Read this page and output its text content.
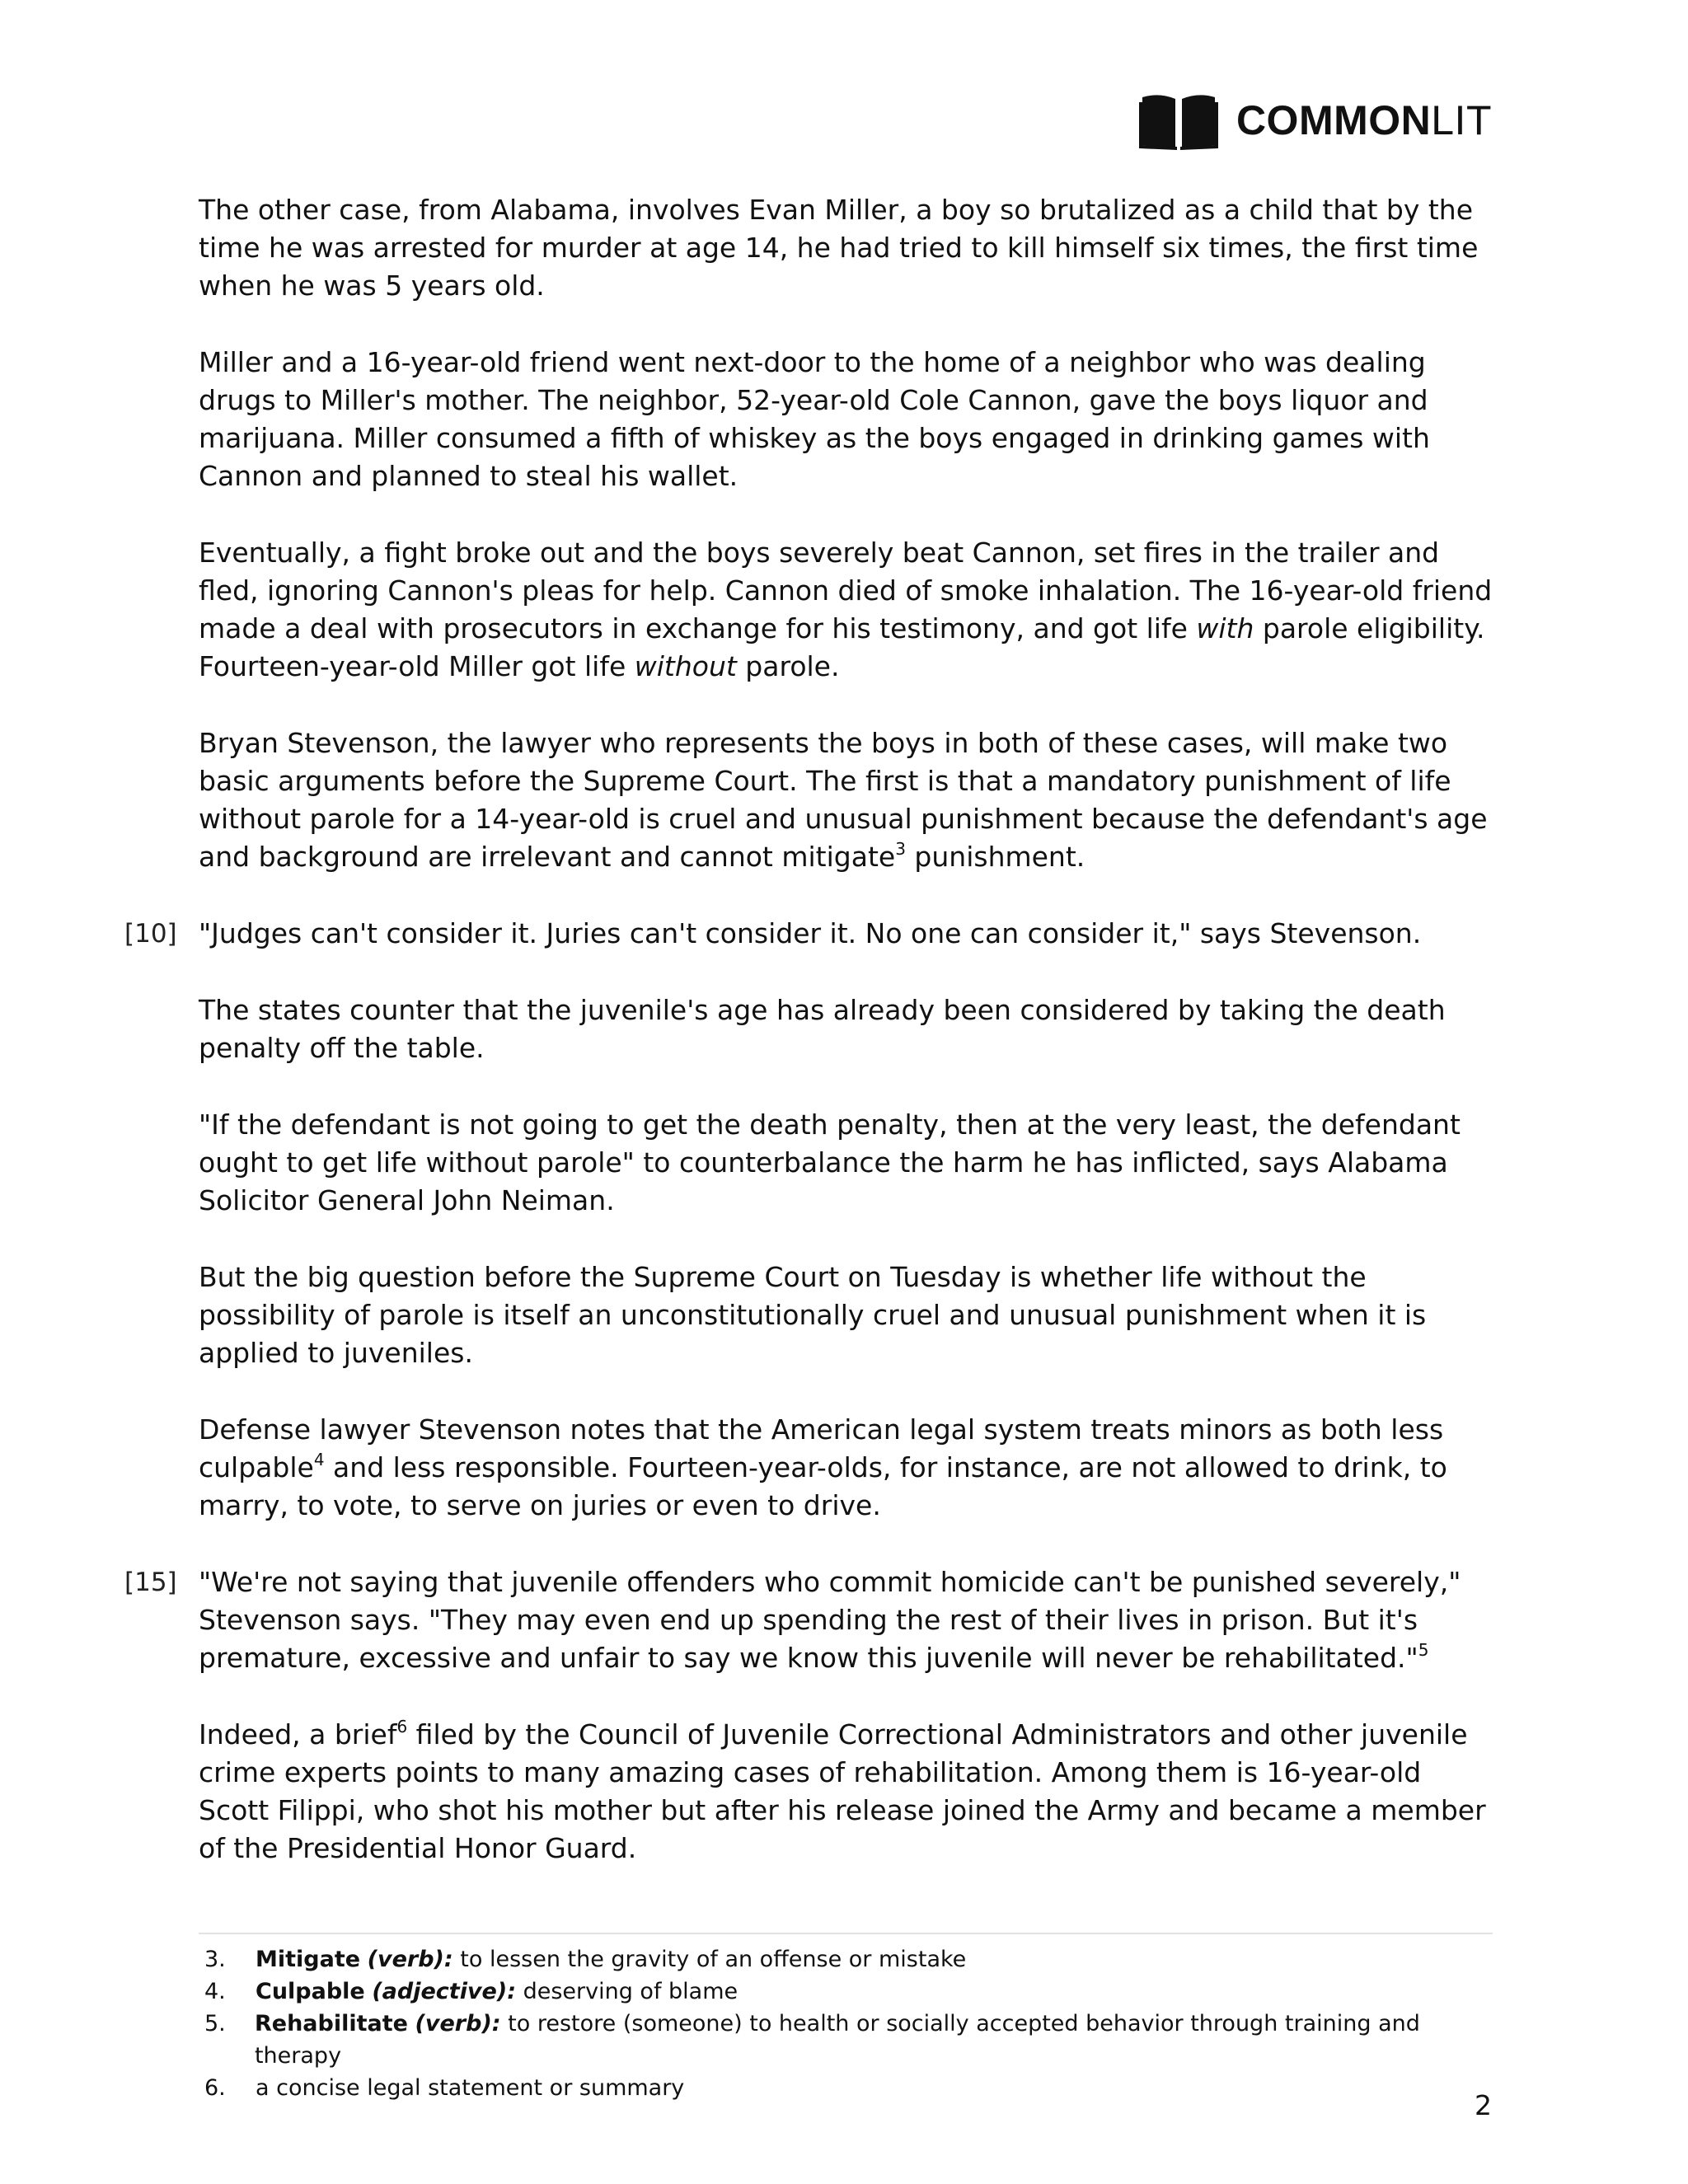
COMMONLIT

The other case, from Alabama, involves Evan Miller, a boy so brutalized as a child that by the time he was arrested for murder at age 14, he had tried to kill himself six times, the first time when he was 5 years old.

Miller and a 16-year-old friend went next-door to the home of a neighbor who was dealing drugs to Miller's mother. The neighbor, 52-year-old Cole Cannon, gave the boys liquor and marijuana. Miller consumed a fifth of whiskey as the boys engaged in drinking games with Cannon and planned to steal his wallet.

Eventually, a fight broke out and the boys severely beat Cannon, set fires in the trailer and fled, ignoring Cannon's pleas for help. Cannon died of smoke inhalation. The 16-year-old friend made a deal with prosecutors in exchange for his testimony, and got life with parole eligibility. Fourteen-year-old Miller got life without parole.

Bryan Stevenson, the lawyer who represents the boys in both of these cases, will make two basic arguments before the Supreme Court. The first is that a mandatory punishment of life without parole for a 14-year-old is cruel and unusual punishment because the defendant's age and background are irrelevant and cannot mitigate$^3$ punishment.

[10] "Judges can't consider it. Juries can't consider it. No one can consider it," says Stevenson.

The states counter that the juvenile's age has already been considered by taking the death penalty off the table.

"If the defendant is not going to get the death penalty, then at the very least, the defendant ought to get life without parole" to counterbalance the harm he has inflicted, says Alabama Solicitor General John Neiman.

But the big question before the Supreme Court on Tuesday is whether life without the possibility of parole is itself an unconstitutionally cruel and unusual punishment when it is applied to juveniles.

Defense lawyer Stevenson notes that the American legal system treats minors as both less culpable$^4$ and less responsible. Fourteen-year-olds, for instance, are not allowed to drink, to marry, to vote, to serve on juries or even to drive.

[15] "We're not saying that juvenile offenders who commit homicide can't be punished severely," Stevenson says. "They may even end up spending the rest of their lives in prison. But it's premature, excessive and unfair to say we know this juvenile will never be rehabilitated."$^5$

Indeed, a brief$^6$ filed by the Council of Juvenile Correctional Administrators and other juvenile crime experts points to many amazing cases of rehabilitation. Among them is 16-year-old Scott Filippi, who shot his mother but after his release joined the Army and became a member of the Presidential Honor Guard.

3.	Mitigate (verb): to lessen the gravity of an offense or mistake
4.	Culpable (adjective): deserving of blame
5.	Rehabilitate (verb): to restore (someone) to health or socially accepted behavior through training and therapy
6.	a concise legal statement or summary
2
